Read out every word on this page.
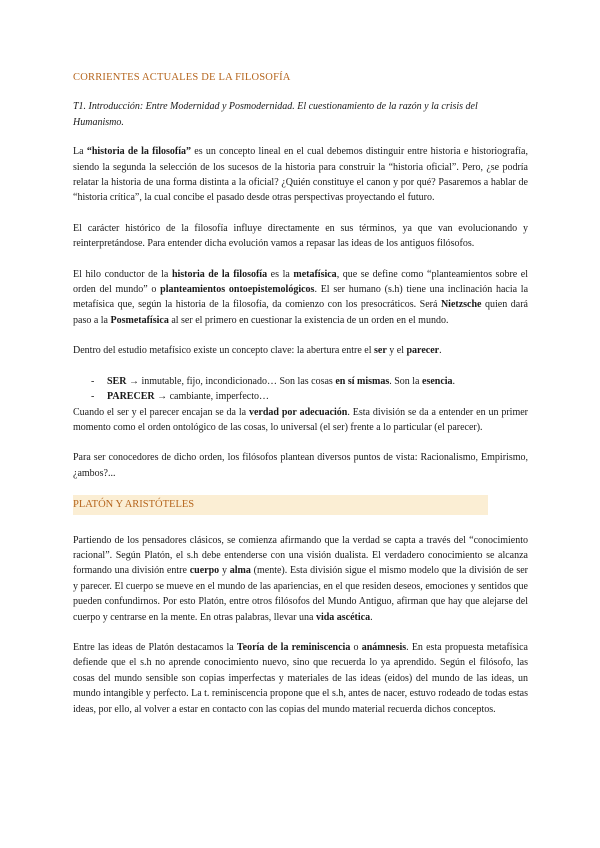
CORRIENTES ACTUALES DE LA FILOSOFÍA
T1. Introducción: Entre Modernidad y Posmodernidad. El cuestionamiento de la razón y la crisis del Humanismo.

La “historia de la filosofía” es un concepto lineal en el cual debemos distinguir entre historia e historiografía, siendo la segunda la selección de los sucesos de la historia para construir la “historia oficial”. Pero, ¿se podría relatar la historia de una forma distinta a la oficial? ¿Quién constituye el canon y por qué? Pasaremos a hablar de “historia crítica”, la cual concibe el pasado desde otras perspectivas proyectando el futuro.

El carácter histórico de la filosofía influye directamente en sus términos, ya que van evolucionando y reinterpretándose. Para entender dicha evolución vamos a repasar las ideas de los antiguos filósofos.

El hilo conductor de la historia de la filosofía es la metafísica, que se define como “planteamientos sobre el orden del mundo” o planteamientos ontoepistemológicos. El ser humano (s.h) tiene una inclinación hacia la metafísica que, según la historia de la filosofía, da comienzo con los presocráticos. Será Nietzsche quien dará paso a la Posmetafísica al ser el primero en cuestionar la existencia de un orden en el mundo.

Dentro del estudio metafísico existe un concepto clave: la abertura entre el ser y el parecer.

- SER → inmutable, fijo, incondicionado… Son las cosas en sí mismas. Son la esencia.
- PARECER → cambiante, imperfecto…

Cuando el ser y el parecer encajan se da la verdad por adecuación. Esta división se da a entender en un primer momento como el orden ontológico de las cosas, lo universal (el ser) frente a lo particular (el parecer).

Para ser conocedores de dicho orden, los filósofos plantean diversos puntos de vista: Racionalismo, Empirismo, ¿ambos?...

PLATÓN Y ARISTÓTELES

Partiendo de los pensadores clásicos, se comienza afirmando que la verdad se capta a través del “conocimiento racional”. Según Platón, el s.h debe entenderse con una visión dualista. El verdadero conocimiento se alcanza formando una división entre cuerpo y alma (mente). Esta división sigue el mismo modelo que la división de ser y parecer. El cuerpo se mueve en el mundo de las apariencias, en el que residen deseos, emociones y sentidos que pueden confundirnos. Por esto Platón, entre otros filósofos del Mundo Antiguo, afirman que hay que alejarse del cuerpo y centrarse en la mente. En otras palabras, llevar una vida ascética.

Entre las ideas de Platón destacamos la Teoría de la reminiscencia o anámnesis. En esta propuesta metafísica defiende que el s.h no aprende conocimiento nuevo, sino que recuerda lo ya aprendido. Según el filósofo, las cosas del mundo sensible son copias imperfectas y materiales de las ideas (eidos) del mundo de las ideas, un mundo intangible y perfecto. La t. reminiscencia propone que el s.h, antes de nacer, estuvo rodeado de todas estas ideas, por ello, al volver a estar en contacto con las copias del mundo material recuerda dichos conceptos.
